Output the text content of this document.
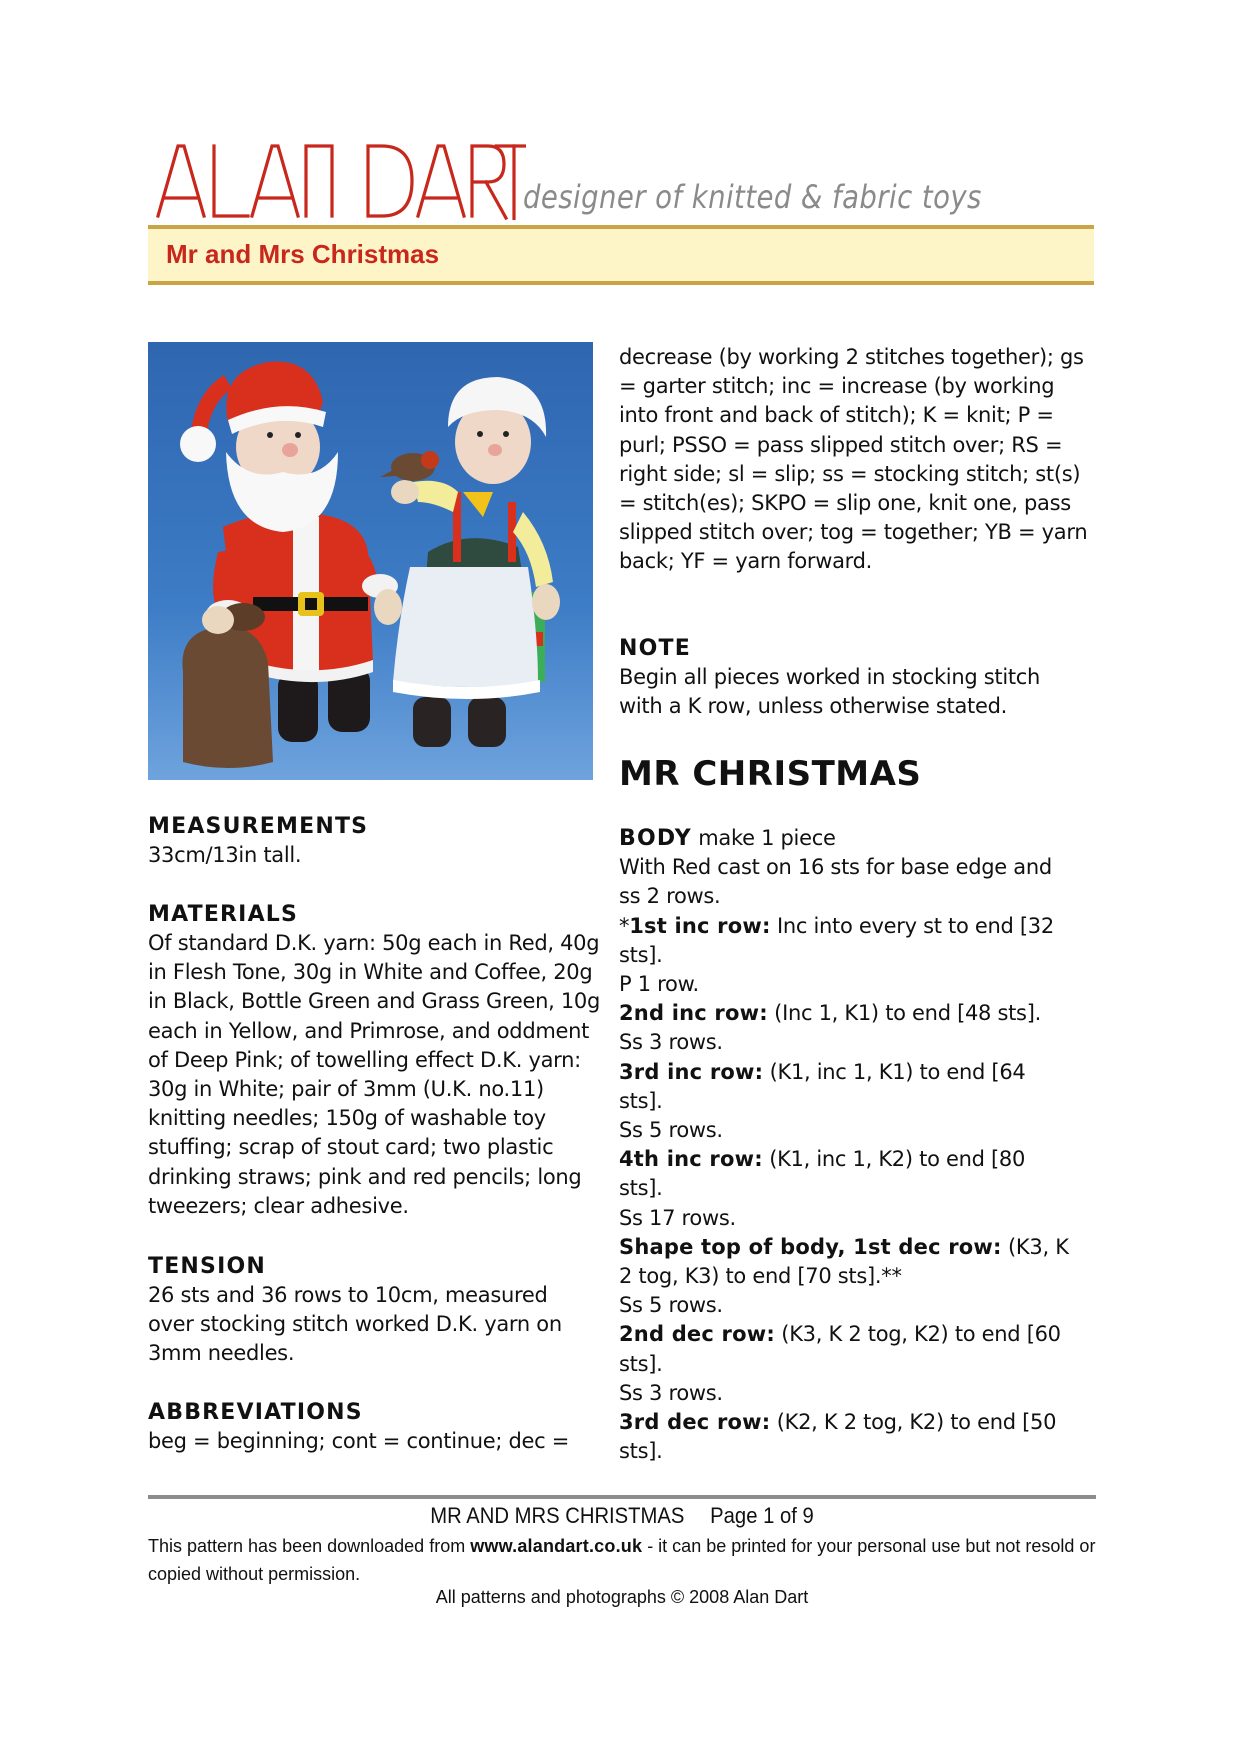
designer of knitted & fabric toys
Mr and Mrs Christmas
MEASUREMENTS

33cm/13in tall.

MATERIALS

Of standard D.K. yarn: 50g each in Red, 40g in Flesh Tone, 30g in White and Coffee, 20g in Black, Bottle Green and Grass Green, 10g each in Yellow, and Primrose, and oddment of Deep Pink; of towelling effect D.K. yarn: 30g in White; pair of 3mm (U.K. no.11) knitting needles; 150g of washable toy stuffing; scrap of stout card; two plastic drinking straws; pink and red pencils; long tweezers; clear adhesive.

TENSION

26 sts and 36 rows to 10cm, measured over stocking stitch worked D.K. yarn on 3mm needles.

ABBREVIATIONS

beg = beginning; cont = continue; dec =

decrease (by working 2 stitches together); gs = garter stitch; inc = increase (by working into front and back of stitch); K = knit; P = purl; PSSO = pass slipped stitch over; RS = right side; sl = slip; ss = stocking stitch; st(s) = stitch(es); SKPO = slip one, knit one, pass slipped stitch over; tog = together; YB = yarn back; YF = yarn forward.

NOTE

Begin all pieces worked in stocking stitch with a K row, unless otherwise stated.

MR CHRISTMAS

BODY make 1 piece

With Red cast on 16 sts for base edge and ss 2 rows.

*1st inc row: Inc into every st to end [32 sts].

P 1 row.

2nd inc row: (Inc 1, K1) to end [48 sts].

Ss 3 rows.

3rd inc row: (K1, inc 1, K1) to end [64 sts].

Ss 5 rows.

4th inc row: (K1, inc 1, K2) to end [80 sts].

Ss 17 rows.

Shape top of body, 1st dec row: (K3, K 2 tog, K3) to end [70 sts].**

Ss 5 rows.

2nd dec row: (K3, K 2 tog, K2) to end [60 sts].

Ss 3 rows.

3rd dec row: (K2, K 2 tog, K2) to end [50 sts].

MR AND MRS CHRISTMAS Page 1 of 9
This pattern has been downloaded from www.alandart.co.uk - it can be printed for your personal use but not resold or copied without permission.
All patterns and photographs © 2008 Alan Dart
